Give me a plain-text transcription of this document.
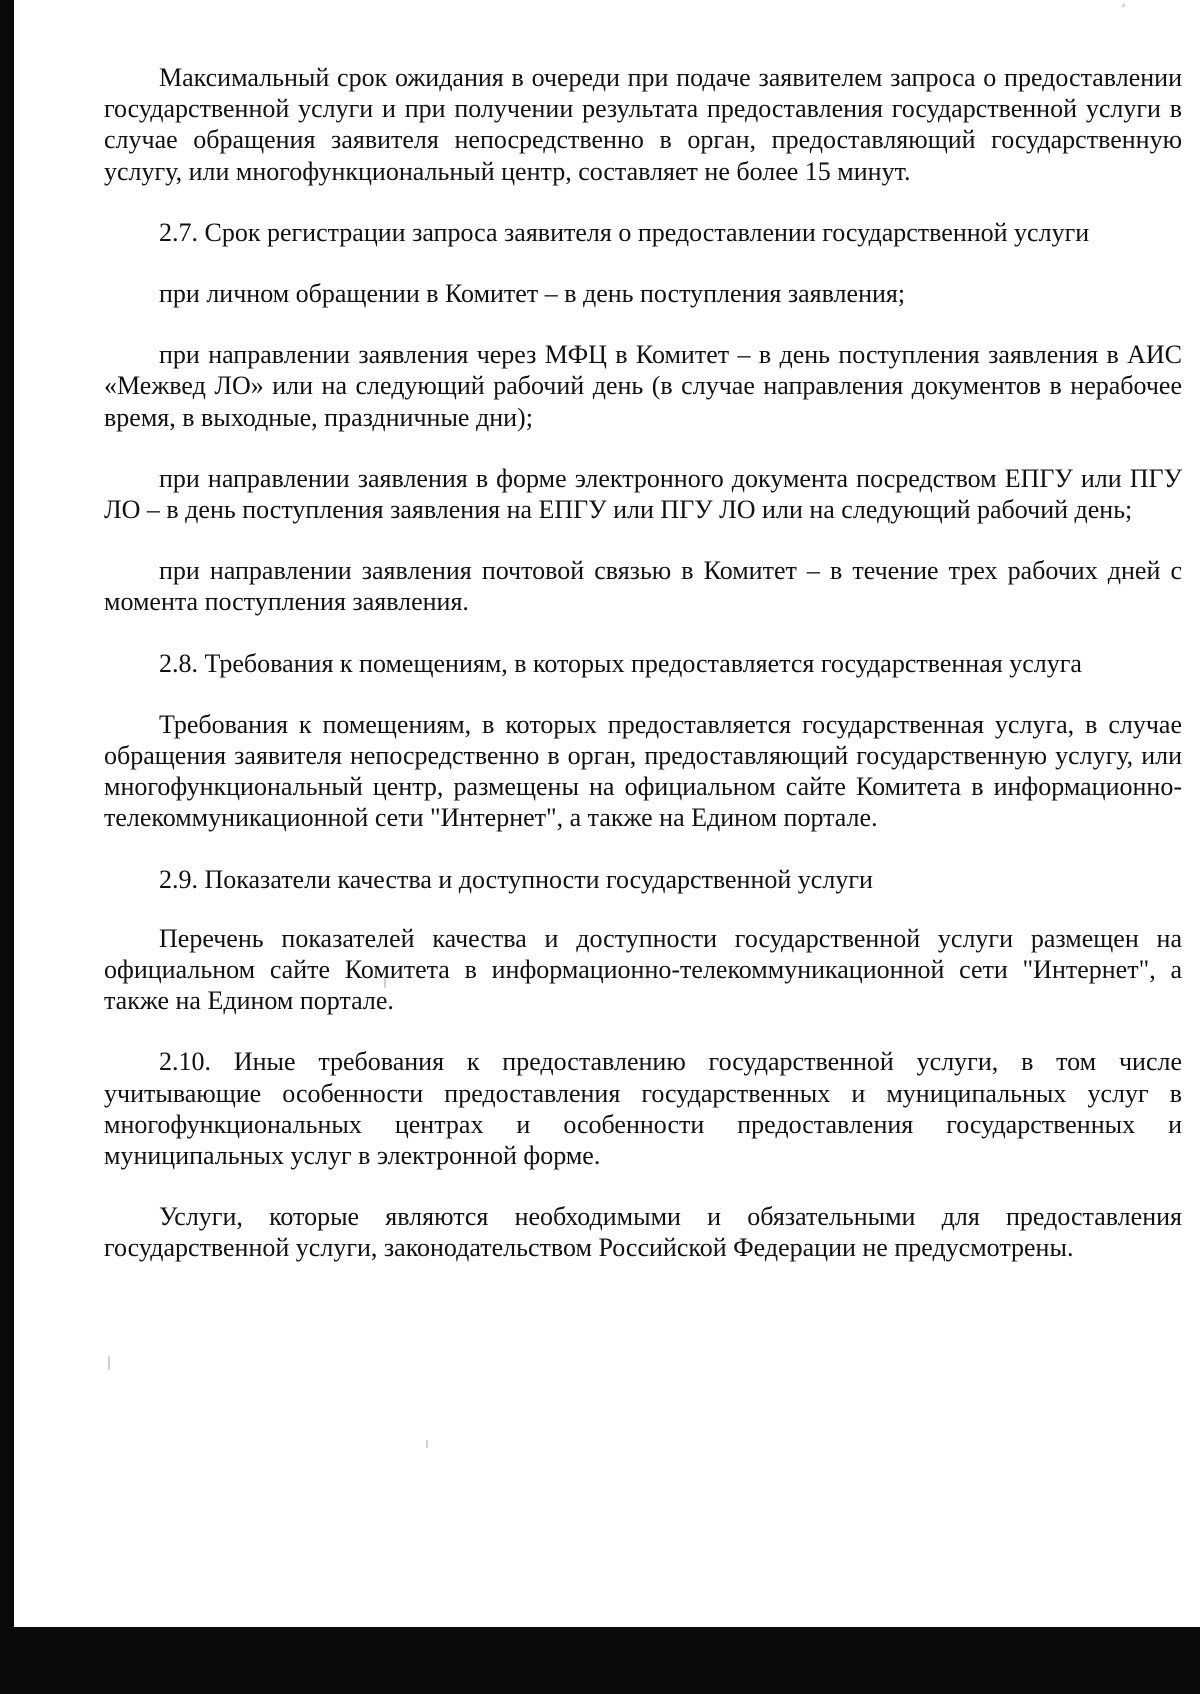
Максимальный срок ожидания в очереди при подаче заявителем запроса о предоставлении государственной услуги и при получении результата предоставления государственной услуги в случае обращения заявителя непосредственно в орган, предоставляющий государственную услугу, или многофункциональный центр, составляет не более 15 минут.

2.7. Срок регистрации запроса заявителя о предоставлении государственной услуги

при личном обращении в Комитет – в день поступления заявления;

при направлении заявления через МФЦ в Комитет – в день поступления заявления в АИС «Межвед ЛО» или на следующий рабочий день (в случае направления документов в нерабочее время, в выходные, праздничные дни);

при направлении заявления в форме электронного документа посредством ЕПГУ или ПГУ ЛО – в день поступления заявления на ЕПГУ или ПГУ ЛО или на следующий рабочий день;

при направлении заявления почтовой связью в Комитет – в течение трех рабочих дней с момента поступления заявления.

2.8. Требования к помещениям, в которых предоставляется государственная услуга

Требования к помещениям, в которых предоставляется государственная услуга, в случае обращения заявителя непосредственно в орган, предоставляющий государственную услугу, или многофункциональный центр, размещены на официальном сайте Комитета в информационно-телекоммуникационной сети "Интернет", а также на Едином портале.

2.9. Показатели качества и доступности государственной услуги

Перечень показателей качества и доступности государственной услуги размещен на официальном сайте Комитета в информационно-телекоммуникационной сети "Интернет", а также на Едином портале.

2.10. Иные требования к предоставлению государственной услуги, в том числе учитывающие особенности предоставления государственных и муниципальных услуг в многофункциональных центрах и особенности предоставления государственных и муниципальных услуг в электронной форме.

Услуги, которые являются необходимыми и обязательными для предоставления государственной услуги, законодательством Российской Федерации не предусмотрены.
